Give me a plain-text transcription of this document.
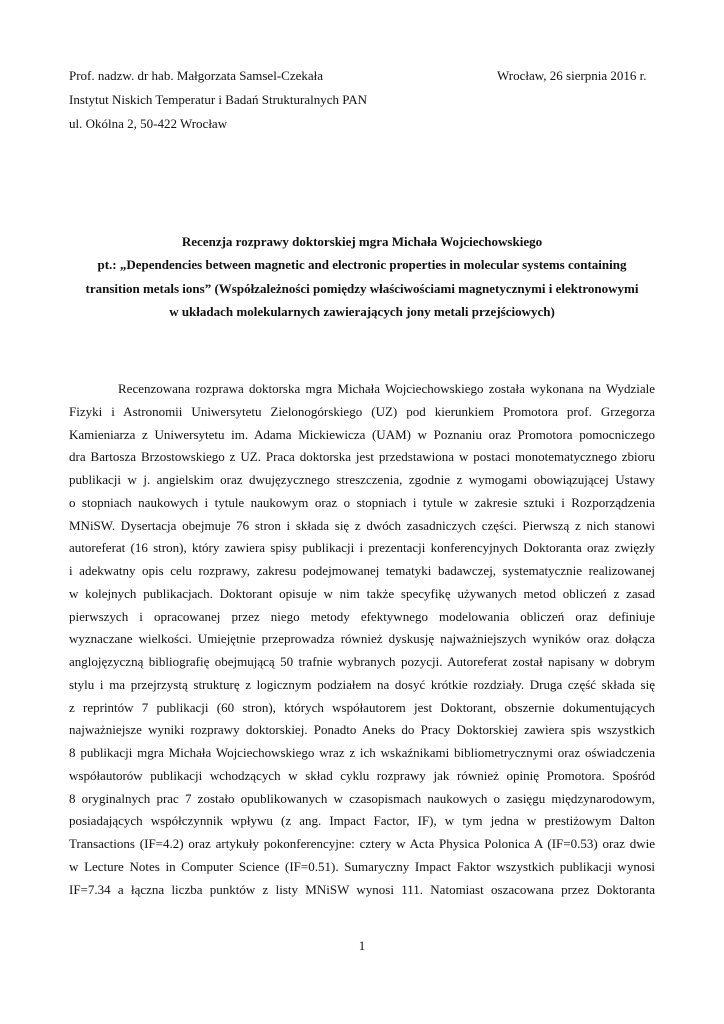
Prof. nadzw. dr hab. Małgorzata Samsel-Czekała
Instytut Niskich Temperatur i Badań Strukturalnych PAN
ul. Okólna 2, 50-422 Wrocław
Wrocław, 26 sierpnia 2016 r.
Recenzja rozprawy doktorskiej mgra Michała Wojciechowskiego
pt.: „Dependencies between magnetic and electronic properties in molecular systems containing
transition metals ions” (Współzależności pomiędzy właściwościami magnetycznymi i elektronowymi
w układach molekularnych zawierających jony metali przejściowych)
Recenzowana rozprawa doktorska mgra Michała Wojciechowskiego została wykonana na Wydziale
Fizyki i Astronomii Uniwersytetu Zielonogórskiego (UZ) pod kierunkiem Promotora prof. Grzegorza
Kamieniarza z Uniwersytetu im. Adama Mickiewicza (UAM) w Poznaniu oraz Promotora pomocniczego
dra Bartosza Brzostowskiego z UZ. Praca doktorska jest przedstawiona w postaci monotematycznego zbioru
publikacji w j. angielskim oraz dwujęzycznego streszczenia, zgodnie z wymogami obowiązującej Ustawy
o stopniach naukowych i tytule naukowym oraz o stopniach i tytule w zakresie sztuki i Rozporządzenia
MNiSW. Dysertacja obejmuje 76 stron i składa się z dwóch zasadniczych części. Pierwszą z nich stanowi
autoreferat (16 stron), który zawiera spisy publikacji i prezentacji konferencyjnych Doktoranta oraz zwięzły
i adekwatny opis celu rozprawy, zakresu podejmowanej tematyki badawczej, systematycznie realizowanej
w kolejnych publikacjach. Doktorant opisuje w nim także specyfikę używanych metod obliczeń z zasad
pierwszych i opracowanej przez niego metody efektywnego modelowania obliczeń oraz definiuje
wyznaczane wielkości. Umiejętnie przeprowadza również dyskusję najważniejszych wyników oraz dołącza
anglojęzyczną bibliografię obejmującą 50 trafnie wybranych pozycji. Autoreferat został napisany w dobrym
stylu i ma przejrzystą strukturę z logicznym podziałem na dosyć krótkie rozdziały. Druga część składa się
z reprintów 7 publikacji (60 stron), których współautorem jest Doktorant, obszernie dokumentujących
najważniejsze wyniki rozprawy doktorskiej. Ponadto Aneks do Pracy Doktorskiej zawiera spis wszystkich
8 publikacji mgra Michała Wojciechowskiego wraz z ich wskaźnikami bibliometrycznymi oraz oświadczenia
współautorów publikacji wchodzących w skład cyklu rozprawy jak również opinię Promotora. Spośród
8 oryginalnych prac 7 zostało opublikowanych w czasopismach naukowych o zasięgu międzynarodowym,
posiadających współczynnik wpływu (z ang. Impact Factor, IF), w tym jedna w prestiżowym Dalton
Transactions (IF=4.2) oraz artykuły pokonferencyjne: cztery w Acta Physica Polonica A (IF=0.53) oraz dwie
w Lecture Notes in Computer Science (IF=0.51). Sumaryczny Impact Faktor wszystkich publikacji wynosi
IF=7.34 a łączna liczba punktów z listy MNiSW wynosi 111. Natomiast oszacowana przez Doktoranta
1
